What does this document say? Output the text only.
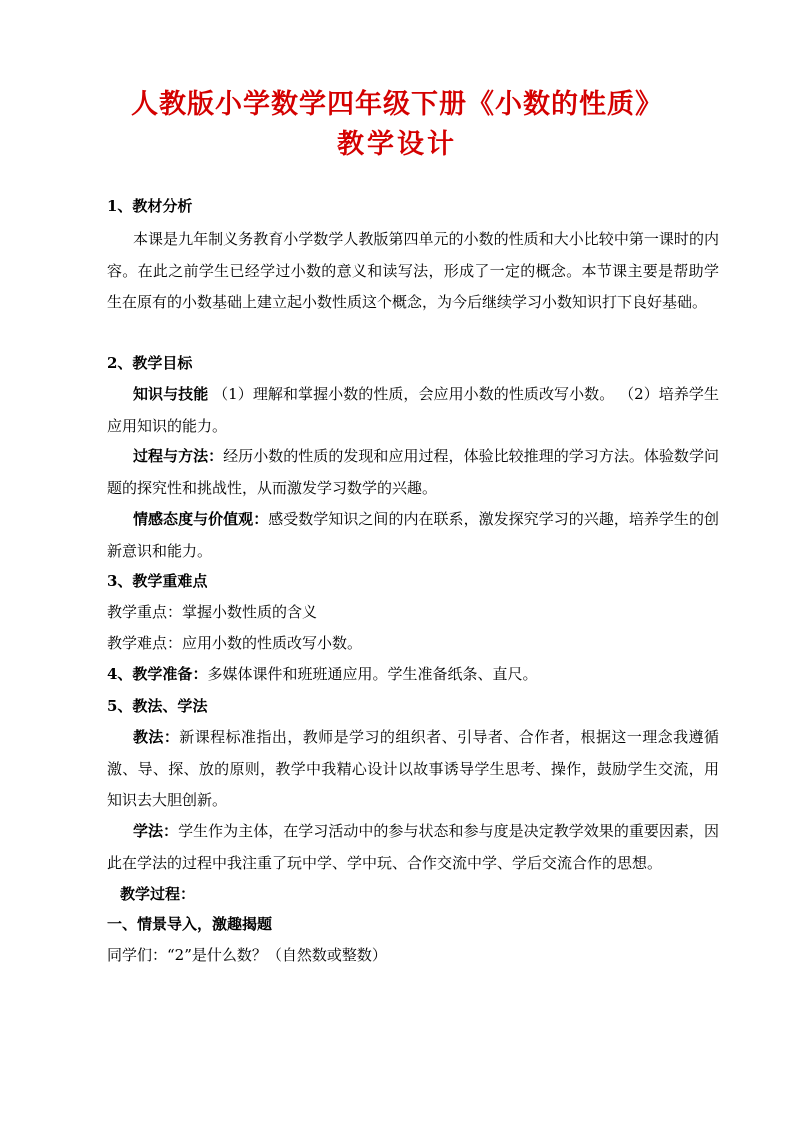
人教版小学数学四年级下册《小数的性质》
教学设计
1、教材分析
本课是九年制义务教育小学数学人教版第四单元的小数的性质和大小比较中第一课时的内容。在此之前学生已经学过小数的意义和读写法，形成了一定的概念。本节课主要是帮助学生在原有的小数基础上建立起小数性质这个概念，为今后继续学习小数知识打下良好基础。
2、教学目标
知识与技能 （1）理解和掌握小数的性质，会应用小数的性质改写小数。 （2）培养学生应用知识的能力。
过程与方法：经历小数的性质的发现和应用过程，体验比较推理的学习方法。体验数学问题的探究性和挑战性，从而激发学习数学的兴趣。
情感态度与价值观：感受数学知识之间的内在联系，激发探究学习的兴趣，培养学生的创新意识和能力。
3、教学重难点
教学重点：掌握小数性质的含义
教学难点：应用小数的性质改写小数。
4、教学准备：多媒体课件和班班通应用。学生准备纸条、直尺。
5、教法、学法
教法：新课程标准指出，教师是学习的组织者、引导者、合作者，根据这一理念我遵循激、导、探、放的原则，教学中我精心设计以故事诱导学生思考、操作，鼓励学生交流，用知识去大胆创新。
学法：学生作为主体，在学习活动中的参与状态和参与度是决定教学效果的重要因素，因此在学法的过程中我注重了玩中学、学中玩、合作交流中学、学后交流合作的思想。
教学过程：
一、情景导入，激趣揭题
同学们：“2”是什么数？（自然数或整数）
